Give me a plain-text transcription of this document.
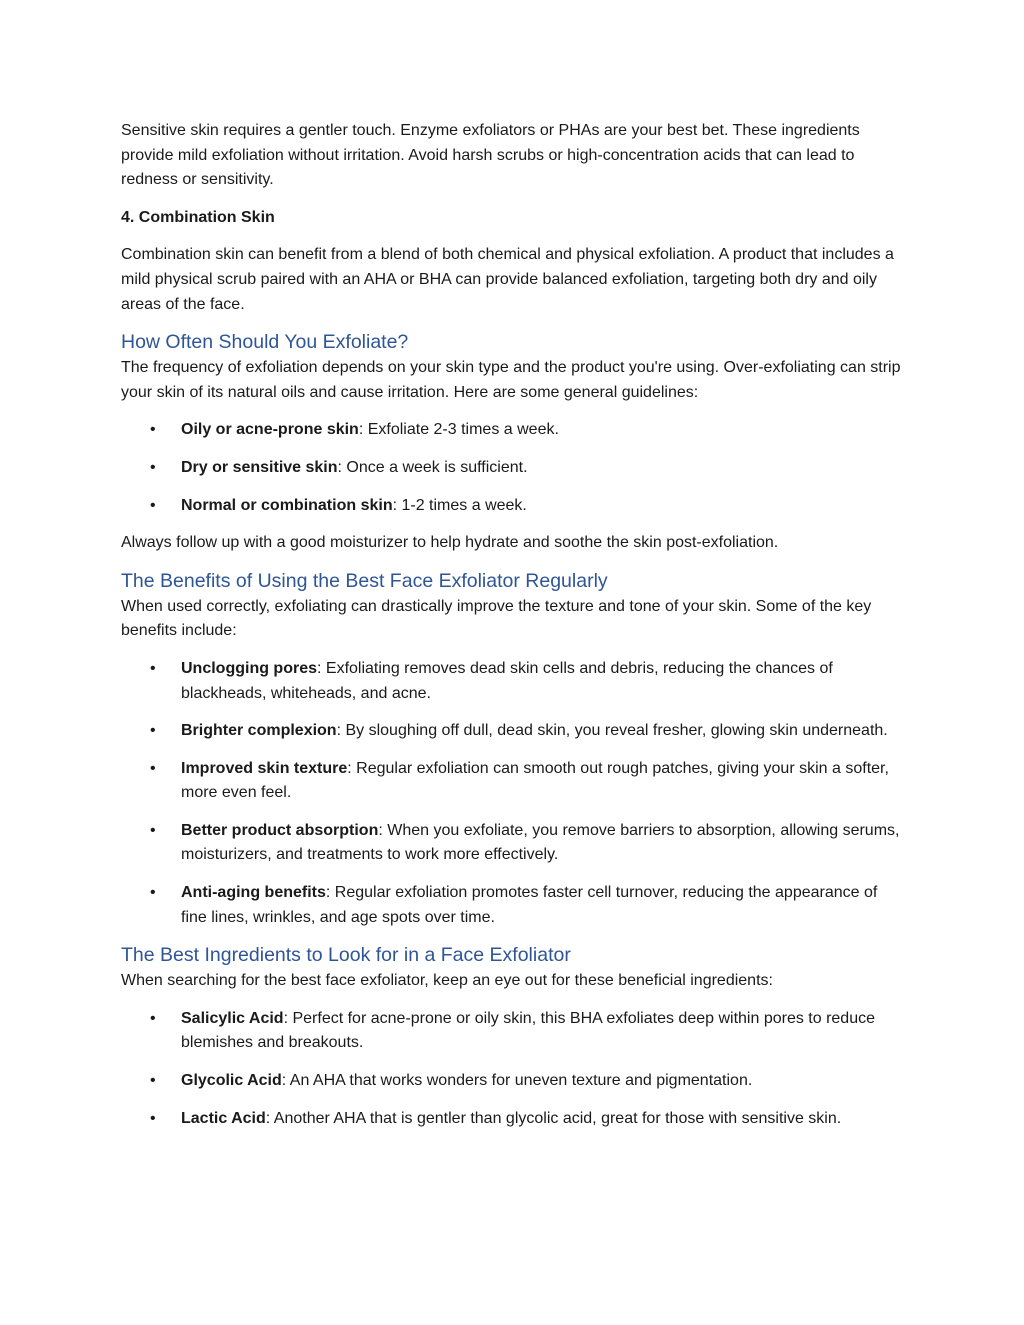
Sensitive skin requires a gentler touch. Enzyme exfoliators or PHAs are your best bet. These ingredients provide mild exfoliation without irritation. Avoid harsh scrubs or high-concentration acids that can lead to redness or sensitivity.

4. Combination Skin

Combination skin can benefit from a blend of both chemical and physical exfoliation. A product that includes a mild physical scrub paired with an AHA or BHA can provide balanced exfoliation, targeting both dry and oily areas of the face.

How Often Should You Exfoliate?

The frequency of exfoliation depends on your skin type and the product you're using. Over-exfoliating can strip your skin of its natural oils and cause irritation. Here are some general guidelines:

• Oily or acne-prone skin: Exfoliate 2-3 times a week.
• Dry or sensitive skin: Once a week is sufficient.
• Normal or combination skin: 1-2 times a week.

Always follow up with a good moisturizer to help hydrate and soothe the skin post-exfoliation.

The Benefits of Using the Best Face Exfoliator Regularly

When used correctly, exfoliating can drastically improve the texture and tone of your skin. Some of the key benefits include:

• Unclogging pores: Exfoliating removes dead skin cells and debris, reducing the chances of blackheads, whiteheads, and acne.
• Brighter complexion: By sloughing off dull, dead skin, you reveal fresher, glowing skin underneath.
• Improved skin texture: Regular exfoliation can smooth out rough patches, giving your skin a softer, more even feel.
• Better product absorption: When you exfoliate, you remove barriers to absorption, allowing serums, moisturizers, and treatments to work more effectively.
• Anti-aging benefits: Regular exfoliation promotes faster cell turnover, reducing the appearance of fine lines, wrinkles, and age spots over time.
The Best Ingredients to Look for in a Face Exfoliator

When searching for the best face exfoliator, keep an eye out for these beneficial ingredients:

• Salicylic Acid: Perfect for acne-prone or oily skin, this BHA exfoliates deep within pores to reduce blemishes and breakouts.
• Glycolic Acid: An AHA that works wonders for uneven texture and pigmentation.
• Lactic Acid: Another AHA that is gentler than glycolic acid, great for those with sensitive skin.
